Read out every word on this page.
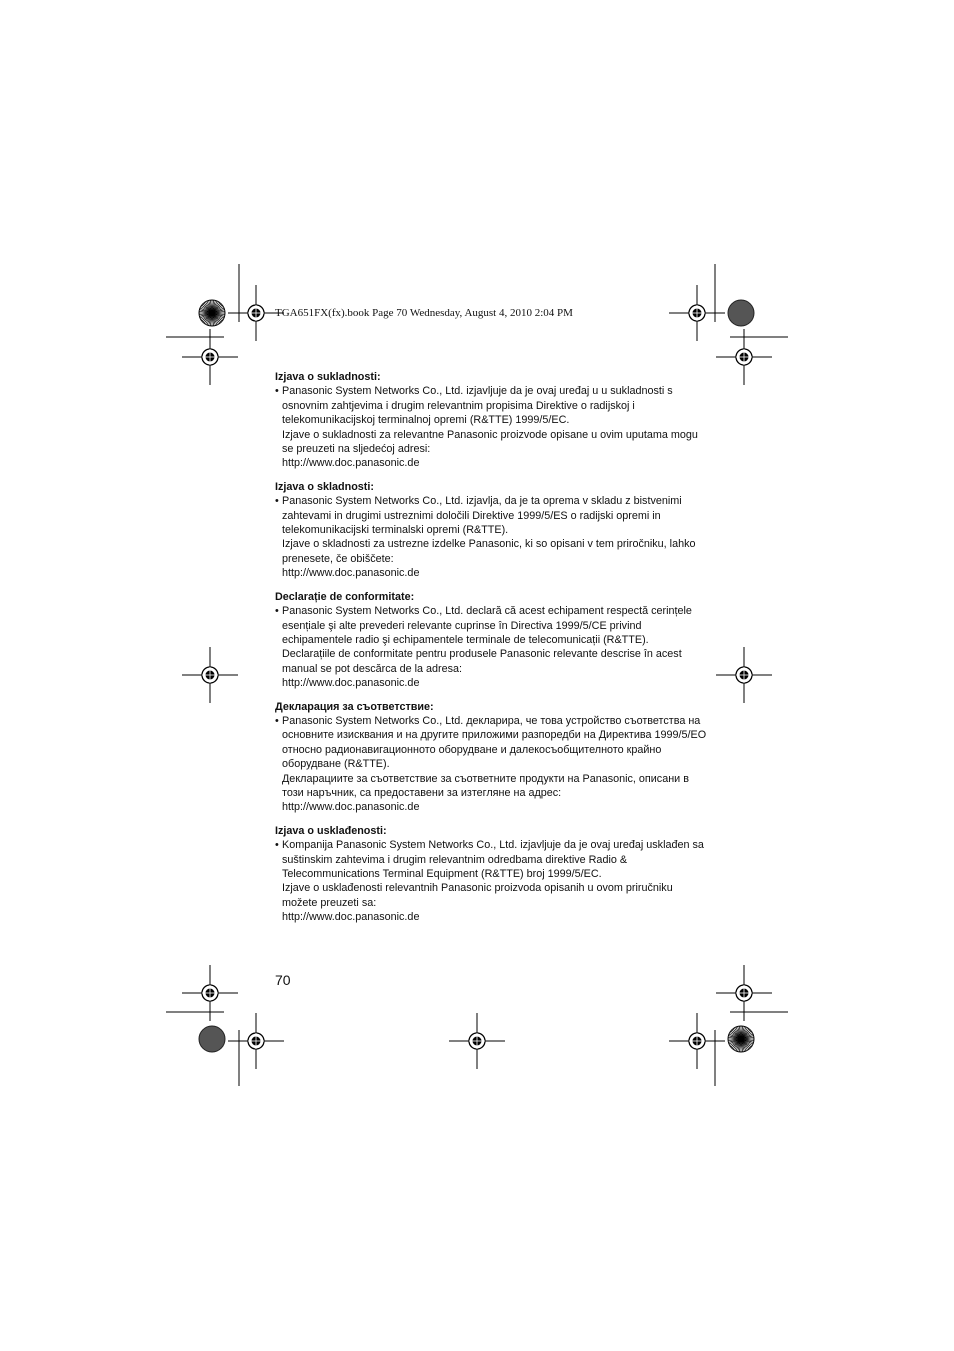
TGA651FX(fx).book Page 70 Wednesday, August 4, 2010 2:04 PM
Izjava o sukladnosti:
• Panasonic System Networks Co., Ltd. izjavljuje da je ovaj uređaj u u sukladnosti s
osnovnim zahtjevima i drugim relevantnim propisima Direktive o radijskoj i
telekomunikacijskoj terminalnoj opremi (R&TTE) 1999/5/EC.
Izjave o sukladnosti za relevantne Panasonic proizvode opisane u ovim uputama mogu
se preuzeti na sljedećoj adresi:
http://www.doc.panasonic.de
Izjava o skladnosti:
• Panasonic System Networks Co., Ltd. izjavlja, da je ta oprema v skladu z bistvenimi
zahtevami in drugimi ustreznimi določili Direktive 1999/5/ES o radijski opremi in
telekomunikacijski terminalski opremi (R&TTE).
Izjave o skladnosti za ustrezne izdelke Panasonic, ki so opisani v tem priročniku, lahko
prenesete, če obiščete:
http://www.doc.panasonic.de
Declarație de conformitate:
• Panasonic System Networks Co., Ltd. declară că acest echipament respectă cerințele
esențiale şi alte prevederi relevante cuprinse în Directiva 1999/5/CE privind
echipamentele radio şi echipamentele terminale de telecomunicații (R&TTE).
Declarațiile de conformitate pentru produsele Panasonic relevante descrise în acest
manual se pot descărca de la adresa:
http://www.doc.panasonic.de
Декларация за съответствие:
• Panasonic System Networks Co., Ltd. декларира, че това устройство съответства на
основните изисквания и на другите приложими разпоредби на Директива 1999/5/ЕО
относно радионавигационното оборудване и далекосъобщителното крайно
оборудване (R&TTE).
Декларациите за съответствие за съответните продукти на Panasonic, описани в
този наръчник, са предоставени за изтегляне на адрес:
http://www.doc.panasonic.de
Izjava o usklađenosti:
• Kompanija Panasonic System Networks Co., Ltd. izjavljuje da je ovaj uređaj usklađen sa
suštinskim zahtevima i drugim relevantnim odredbama direktive Radio &
Telecommunications Terminal Equipment (R&TTE) broj 1999/5/EC.
Izjave o usklađenosti relevantnih Panasonic proizvoda opisanih u ovom priručniku
možete preuzeti sa:
http://www.doc.panasonic.de
70
